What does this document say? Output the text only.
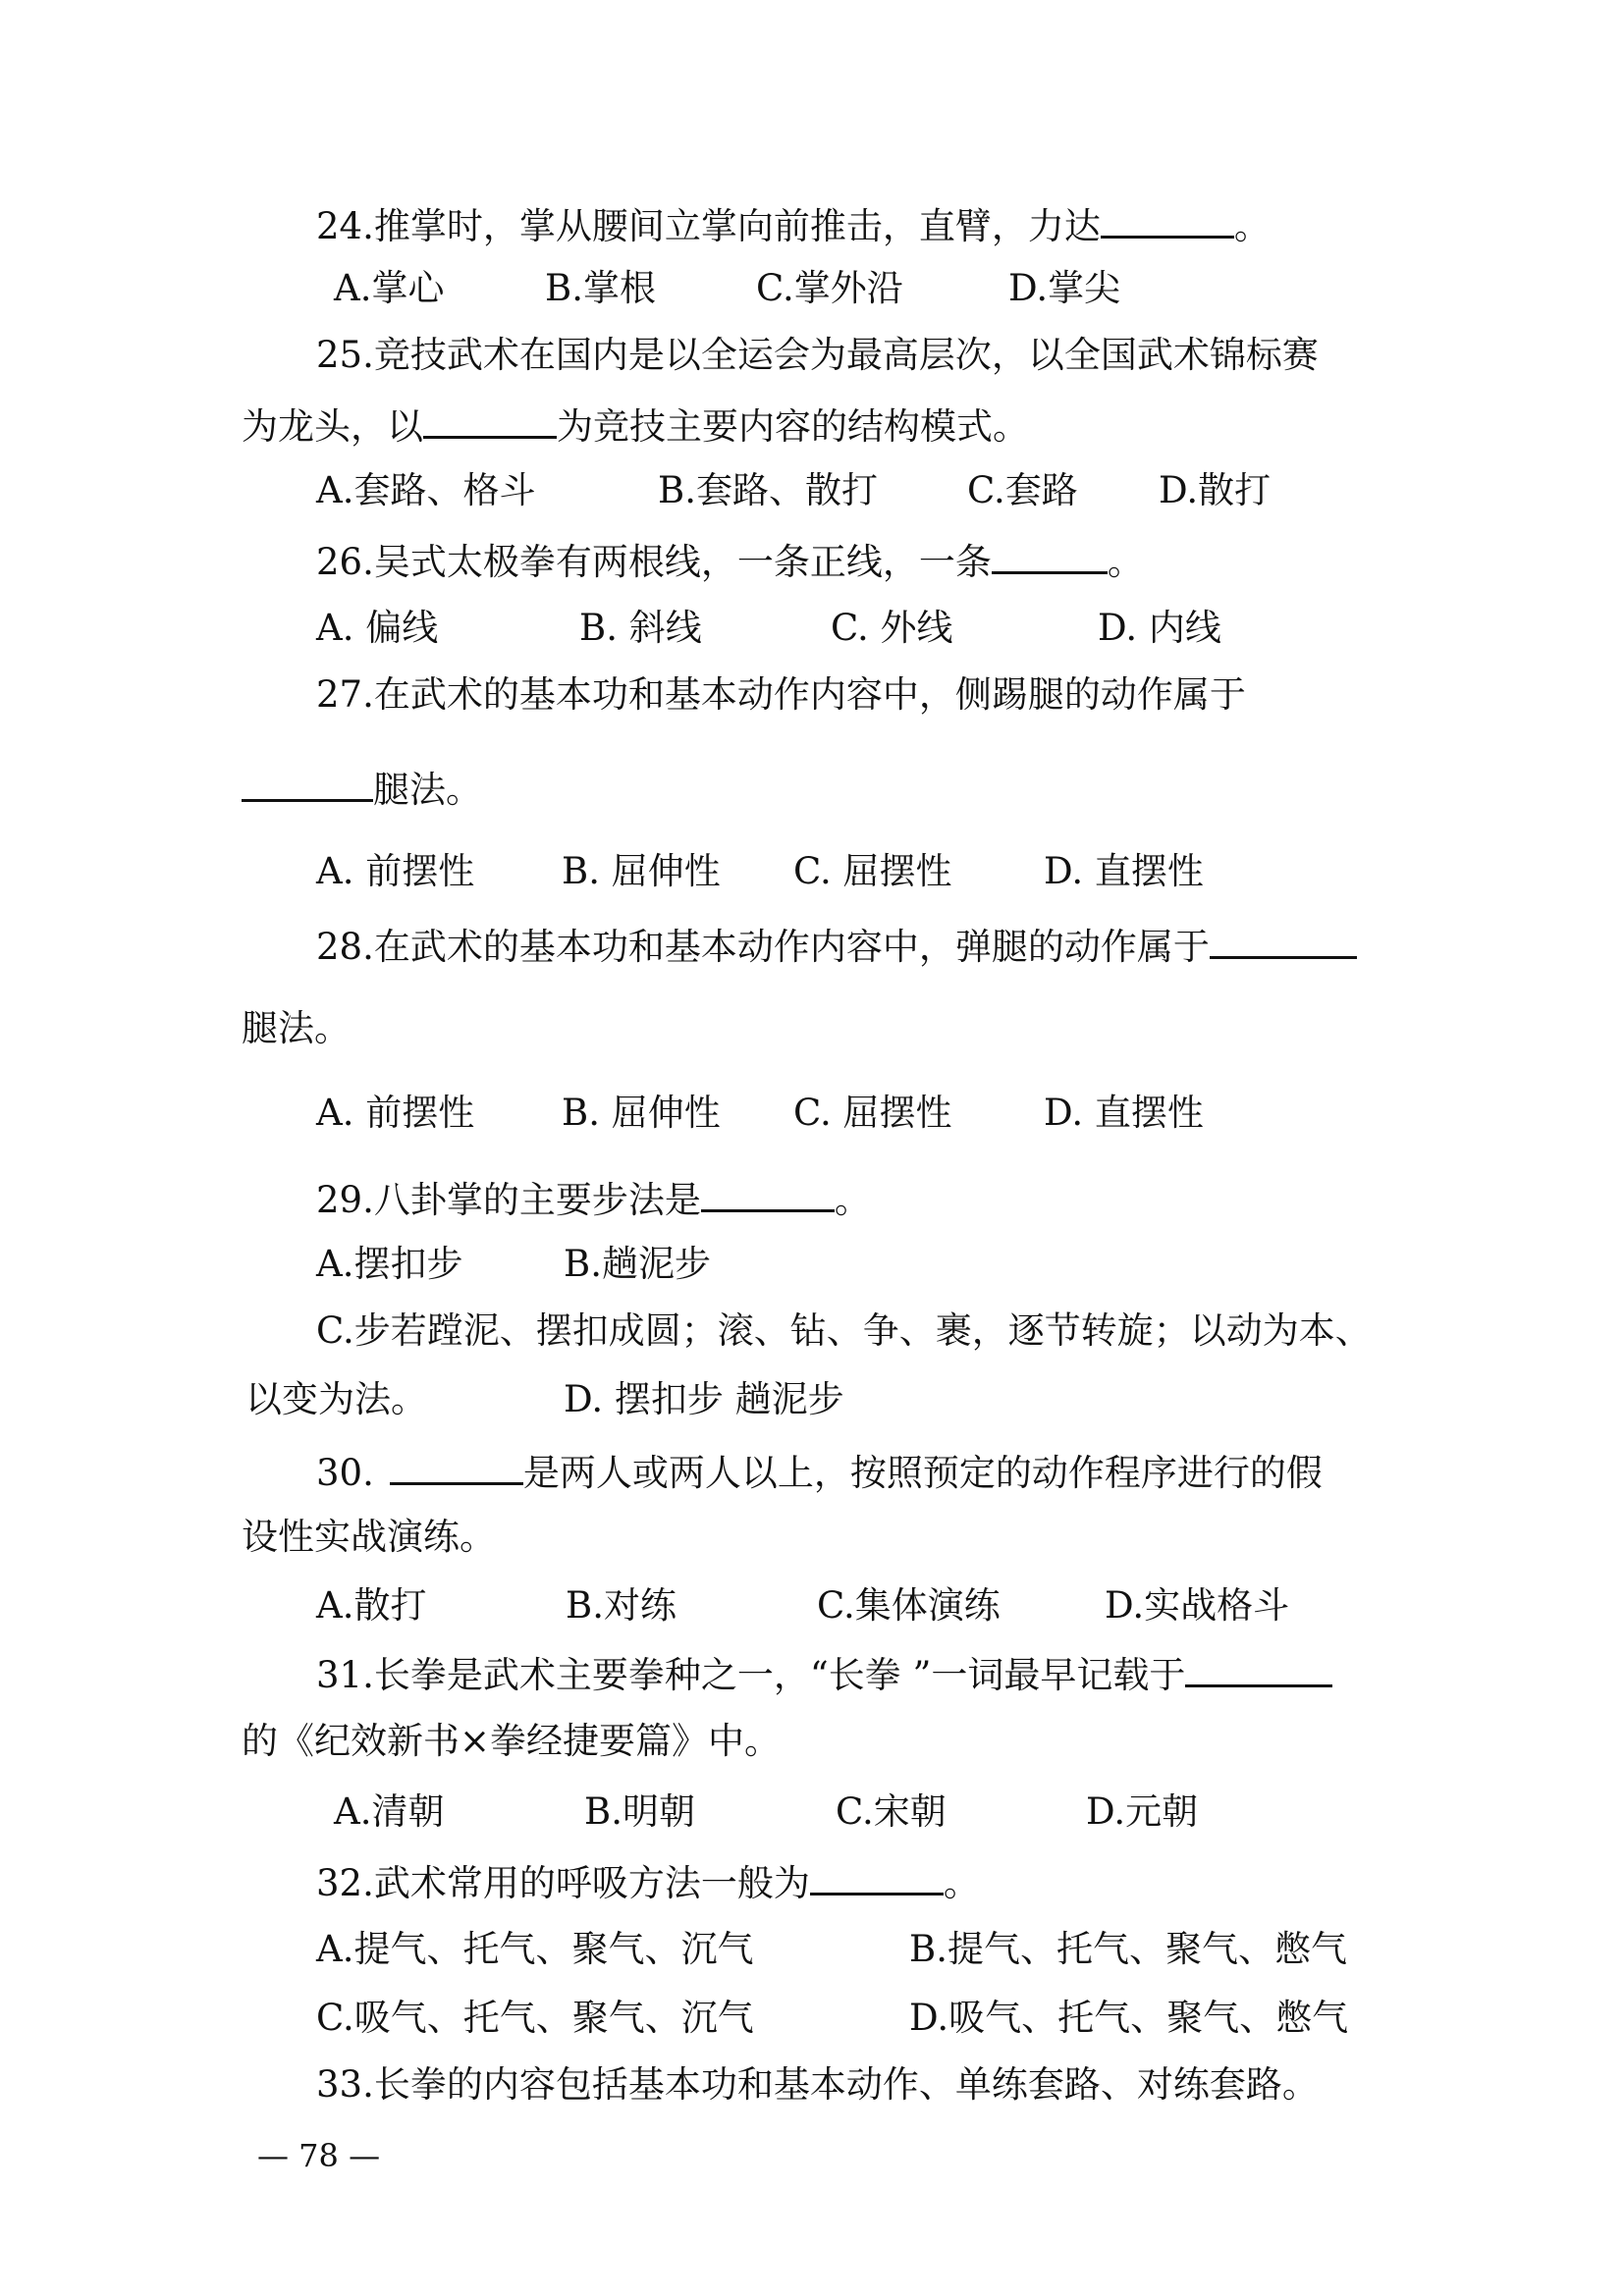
24.推掌时，掌从腰间立掌向前推击，直臂，力达	。
A.掌心	B.掌根	C.掌外沿	D.掌尖
25.竞技武术在国内是以全运会为最高层次，以全国武术锦标赛
为龙头，以	为竞技主要内容的结构模式。
A.套路、格斗	B.套路、散打 C.套路 D.散打
26.吴式太极拳有两根线，一条正线，一条	。
A. 偏线	B. 斜线	C. 外线	D. 内线
27.在武术的基本功和基本动作内容中，侧踢腿的动作属于
腿法。
A. 前摆性 B. 屈伸性 C. 屈摆性	D. 直摆性
28.在武术的基本功和基本动作内容中，弹腿的动作属于
腿法。
A. 前摆性 B. 屈伸性 C. 屈摆性	D. 直摆性
29.八卦掌的主要步法是	。
A.摆扣步	B.趟泥步
C.步若蹚泥、摆扣成圆；滚、钻、争、裹，逐节转旋；以动为本、
以变为法。	D. 摆扣步 趟泥步
30.	是两人或两人以上，按照预定的动作程序进行的假
设性实战演练。
A.散打	B.对练	C.集体演练	D.实战格斗
31.长拳是武术主要拳种之一，“长拳 ”一词最早记载于
的《纪效新书×拳经捷要篇》中。
A.清朝	B.明朝	C.宋朝	D.元朝
32.武术常用的呼吸方法一般为	。
A.提气、托气、聚气、沉气	B.提气、托气、聚气、憋气
C.吸气、托气、聚气、沉气	D.吸气、托气、聚气、憋气
33.长拳的内容包括基本功和基本动作、单练套路、对练套路。
— 78 —
